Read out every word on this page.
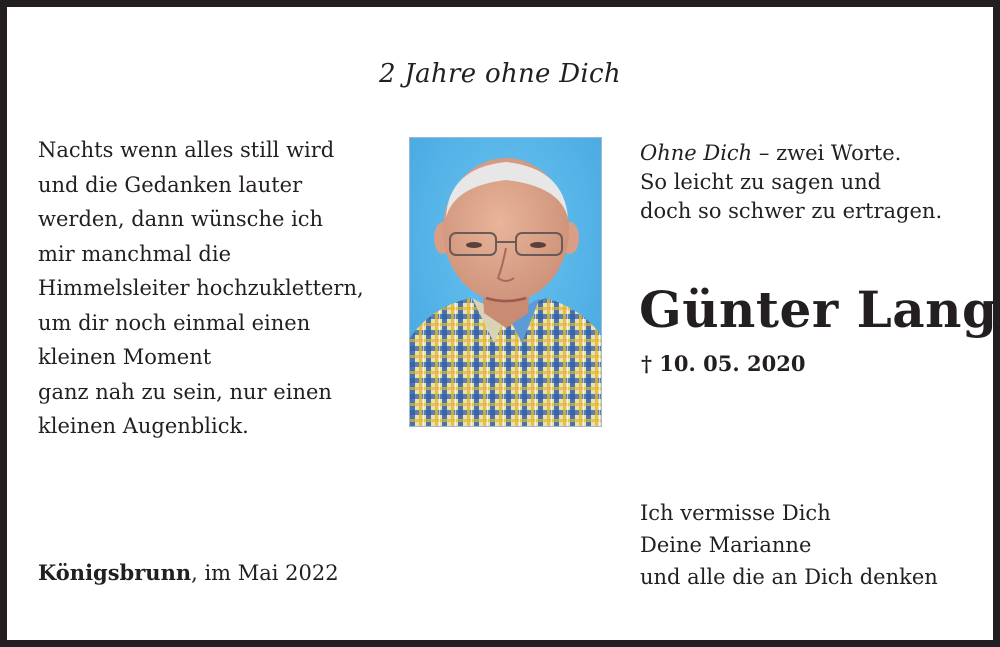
2 Jahre ohne Dich
Nachts wenn alles still wird
und die Gedanken lauter
werden, dann wünsche ich
mir manchmal die
Himmelsleiter hochzuklettern,
um dir noch einmal einen
kleinen Moment
ganz nah zu sein, nur einen
kleinen Augenblick.
Ohne Dich – zwei Worte.
So leicht zu sagen und
doch so schwer zu ertragen.
Günter Lang
† 10. 05. 2020
Ich vermisse Dich
Deine Marianne
und alle die an Dich denken
Königsbrunn, im Mai 2022
